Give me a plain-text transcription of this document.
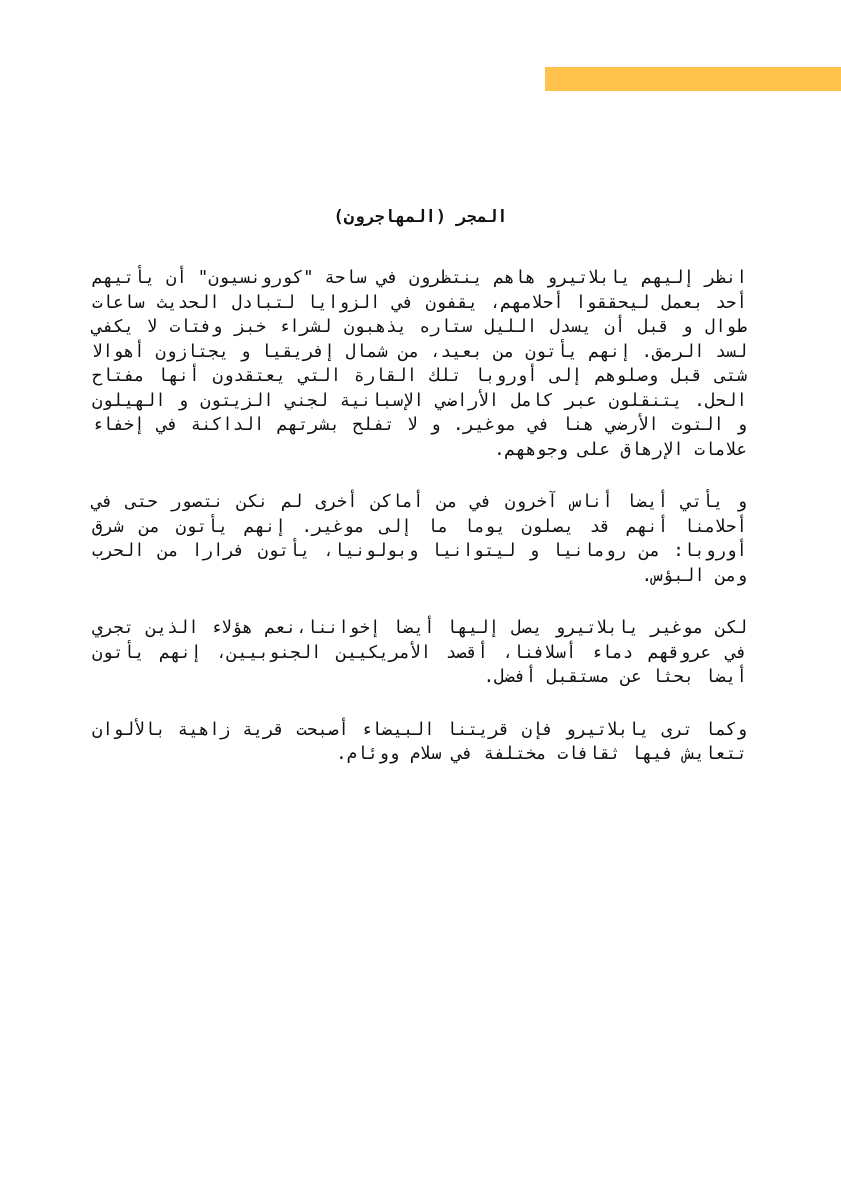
المجر (المهاجرون)

انظر إليهم يابلاتيرو هاهم ينتظرون في ساحة "كورونسيون" أن يأتيهم أحد بعمل ليحققوا أحلامهم، يقفون في الزوايا لتبادل الحديث ساعات طوال و قبل أن يسدل الليل ستاره يذهبون لشراء خبز وفتات لا يكفي لسد الرمق. إنهم يأتون من بعيد، من شمال إفريقيا و يجتازون أهوالا شتى قبل وصلوهم إلى أوروبا تلك القارة التي يعتقدون أنها مفتاح الحل. يتنقلون عبر كامل الأراضي الإسبانية لجني الزيتون و الهيلون و التوت الأرضي هنا في موغير. و لا تفلح بشرتهم الداكنة في إخفاء علامات الإرهاق على وجوههم.

و يأتي أيضا أناس آخرون في من أماكن أخرى لم نكن نتصور حتى في أحلامنا أنهم قد يصلون يوما ما إلى موغير. إنهم يأتون من شرق أوروبا: من رومانيا و ليتوانيا وبولونيا، يأتون فرارا من الحرب ومن البؤس.

لكن موغير يابلاتيرو يصل إليها أيضا إخواننا،نعم هؤلاء الذين تجري في عروقهم دماء أسلافنا، أقصد الأمريكيين الجنوبيين، إنهم يأتون أيضا بحثا عن مستقبل أفضل.

وكما ترى يابلاتيرو فإن قريتنا البيضاء أصبحت قرية زاهية بالألوان تتعايش فيها ثقافات مختلفة في سلام ووئام.
